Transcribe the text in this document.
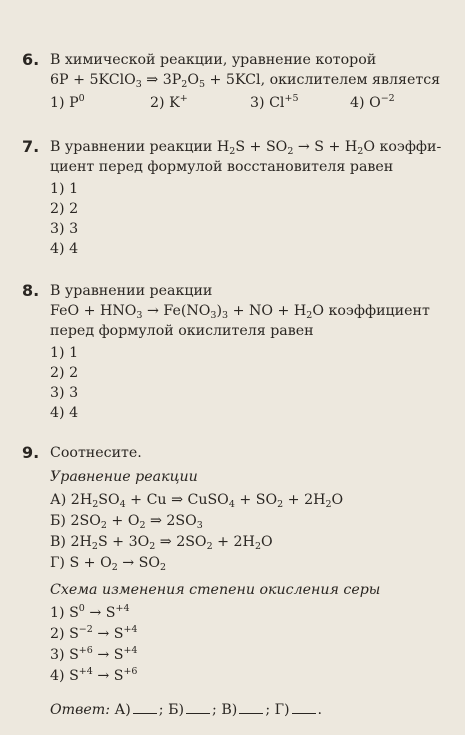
6. В химической реакции, уравнение которой
6P + 5KClO$_3$ ⇒ $3P_2O_5 + 5KCl$, окислителем является
1) $P^0$	2) K+	3) $Cl^{+5}$	4) $O^{-2}$
7. В уравнении реакции $H_2S + SO_2 \to S + H_2O$ коэффи-
циент перед формулой восстановителя равен
1) 1
2) 2
3) 3
4) 4
8. В уравнении реакции
FeO + $HNO_3 \to Fe(NO_3)_3$ + NO + $H_2O$ коэффициент
перед формулой окислителя равен
1) 1
2) 2
3) 3
4) 4
9. Соотнесите.
Уравнение реакции
А) $2H_2SO_4 + Cu$ ⇒ CuSO$_4$ + $SO_2 + 2H_2O$
Б) $2SO_2 + O_2$ ⇒ $2SO_3$
В) $2H_2S + 3O_2$ ⇒ $2SO_2 + 2H_2O$
Г) $S + O_2 \to SO_2$
Схема изменения степени окисления серы
1) $S^0 \to S^{+4}$
2) $S^{-2} \to S^{+4}$
3) $S^{+6} \to S^{+4}$
4) $S^{+4} \to S^{+6}$
Ответ: А) ; Б) ; В) ; Г) .
